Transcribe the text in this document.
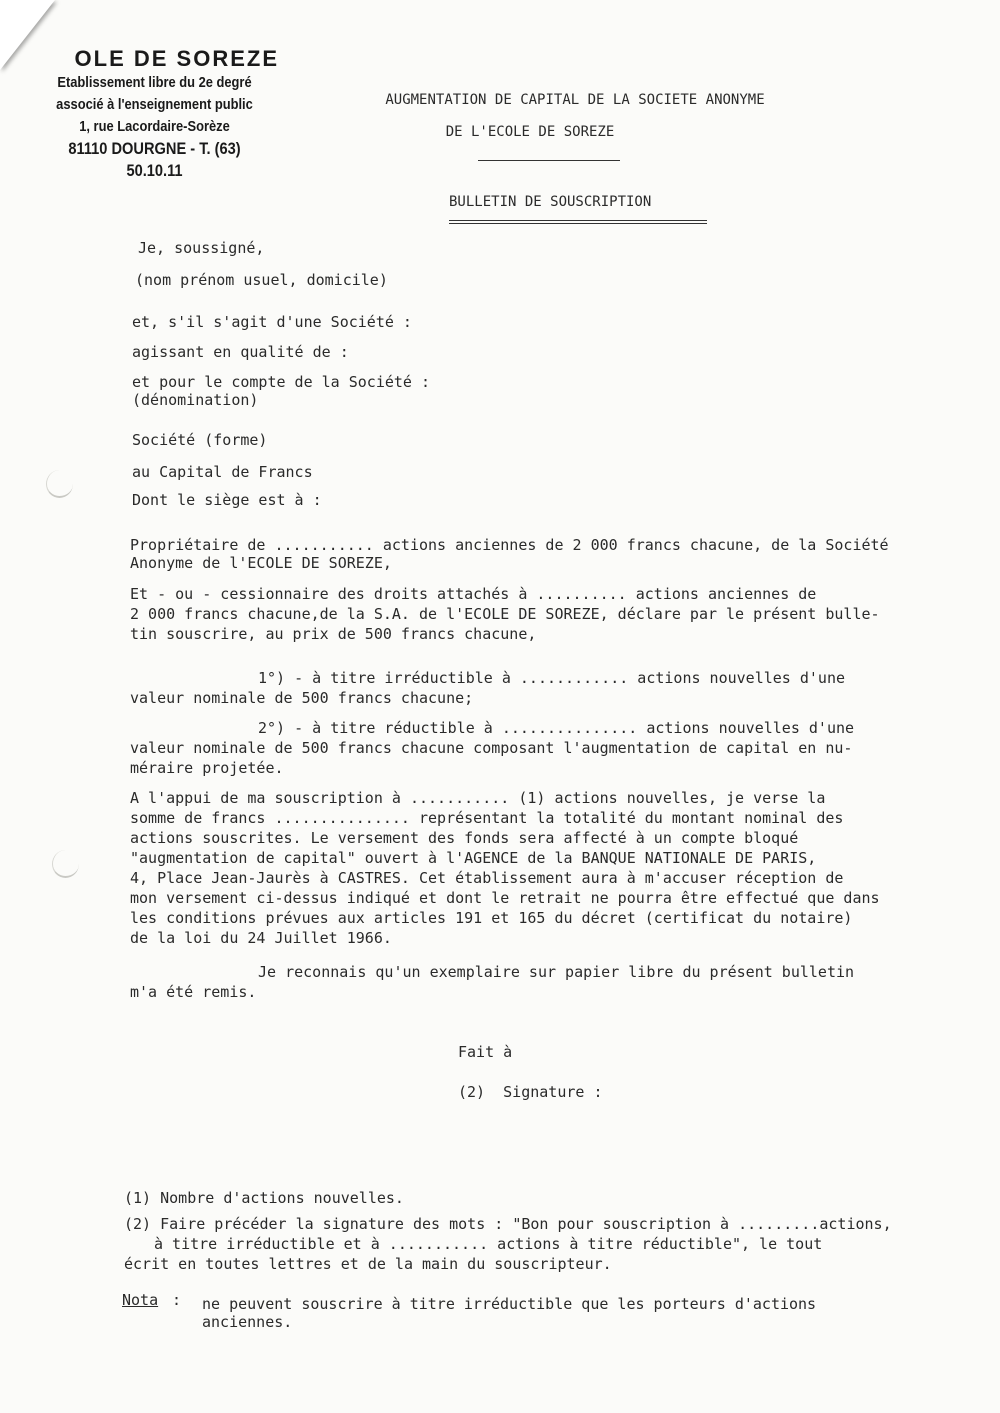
OLE DE SOREZE
Etablissement libre du 2e degré
associé à l'enseignement public
1, rue Lacordaire-Sorèze
81110 DOURGNE - T. (63) 50.10.11
AUGMENTATION DE CAPITAL DE LA SOCIETE ANONYME
DE L'ECOLE DE SOREZE
BULLETIN DE SOUSCRIPTION
Je, soussigné,
(nom prénom usuel, domicile)
et, s'il s'agit d'une Société :
agissant en qualité de :
et pour le compte de la Société :
(dénomination)
Société (forme)
au Capital de Francs
Dont le siège est à :
Propriétaire de ........... actions anciennes de 2 000 francs chacune, de la Société
Anonyme de l'ECOLE DE SOREZE,
Et - ou - cessionnaire des droits attachés à .......... actions anciennes de
2 000 francs chacune,de la S.A. de l'ECOLE DE SOREZE, déclare par le présent bulle-
tin souscrire, au prix de 500 francs chacune,
1°) - à titre irréductible à ............ actions nouvelles d'une
valeur nominale de 500 francs chacune;
2°) - à titre réductible à ............... actions nouvelles d'une
valeur nominale de 500 francs chacune composant l'augmentation de capital en nu-
méraire projetée.
A l'appui de ma souscription à ........... (1) actions nouvelles, je verse la
somme de francs ............... représentant la totalité du montant nominal des
actions souscrites. Le versement des fonds sera affecté à un compte bloqué
"augmentation de capital" ouvert à l'AGENCE de la BANQUE NATIONALE DE PARIS,
4, Place Jean-Jaurès à CASTRES. Cet établissement aura à m'accuser réception de
mon versement ci-dessus indiqué et dont le retrait ne pourra être effectué que dans
les conditions prévues aux articles 191 et 165 du décret (certificat du notaire)
de la loi du 24 Juillet 1966.
Je reconnais qu'un exemplaire sur papier libre du présent bulletin
m'a été remis.
Fait à
(2)  Signature :
(1) Nombre d'actions nouvelles.
(2) Faire précéder la signature des mots : "Bon pour souscription à .........actions,
à titre irréductible et à ........... actions à titre réductible", le tout
écrit en toutes lettres et de la main du souscripteur.
Nota : ne peuvent souscrire à titre irréductible que les porteurs d'actions
anciennes.
